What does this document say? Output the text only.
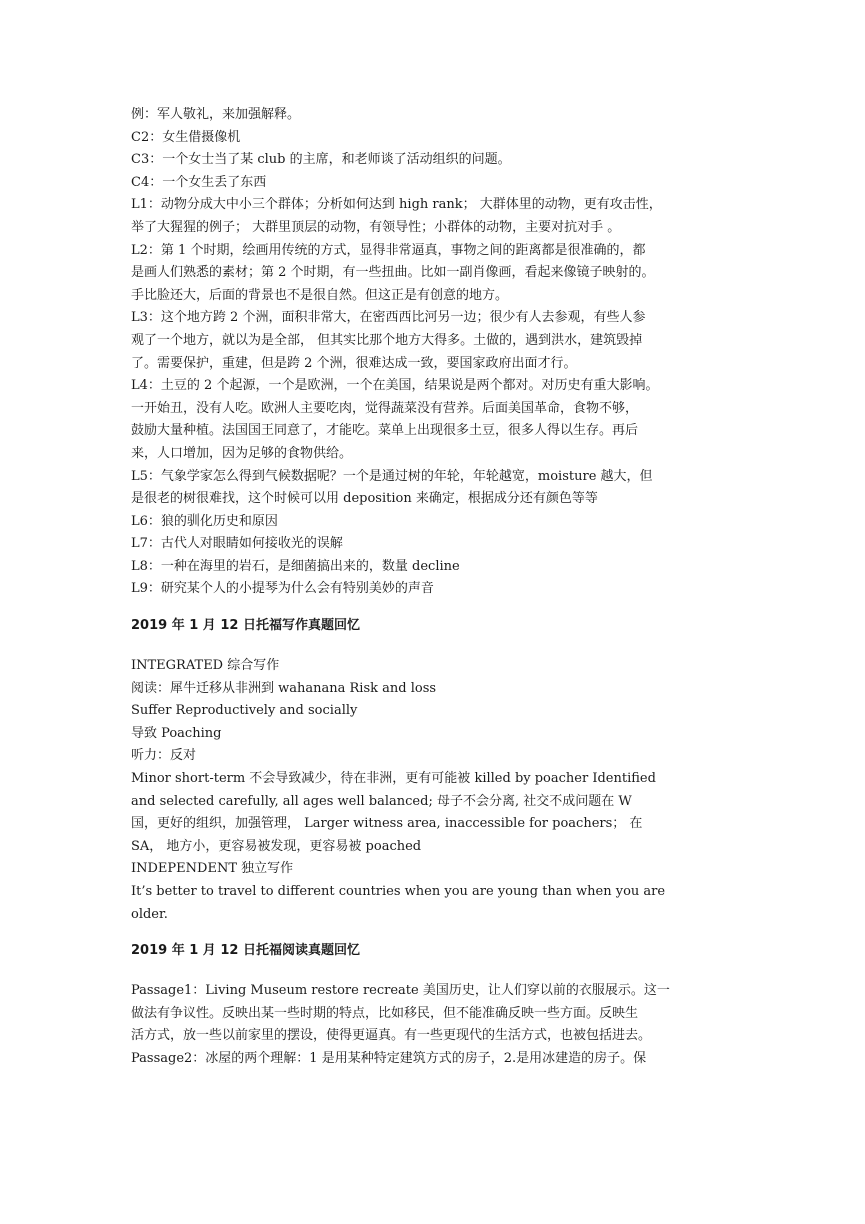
例：军人敬礼，来加强解释。
C2：女生借摄像机
C3：一个女士当了某 club 的主席，和老师谈了活动组织的问题。
C4：一个女生丢了东西
L1：动物分成大中小三个群体；分析如何达到 high rank； 大群体里的动物，更有攻击性，
举了大猩猩的例子； 大群里顶层的动物，有领导性；小群体的动物，主要对抗对手 。
L2：第 1 个时期，绘画用传统的方式，显得非常逼真，事物之间的距离都是很准确的，都
是画人们熟悉的素材；第 2 个时期，有一些扭曲。比如一副肖像画，看起来像镜子映射的。
手比脸还大，后面的背景也不是很自然。但这正是有创意的地方。
L3：这个地方跨 2 个洲，面积非常大，在密西西比河另一边；很少有人去参观，有些人参
观了一个地方，就以为是全部， 但其实比那个地方大得多。土做的，遇到洪水，建筑毁掉
了。需要保护，重建，但是跨 2 个洲，很难达成一致，要国家政府出面才行。
L4：土豆的 2 个起源，一个是欧洲，一个在美国，结果说是两个都对。对历史有重大影响。
一开始丑，没有人吃。欧洲人主要吃肉，觉得蔬菜没有营养。后面美国革命，食物不够，
鼓励大量种植。法国国王同意了，才能吃。菜单上出现很多土豆，很多人得以生存。再后
来，人口增加，因为足够的食物供给。
L5：气象学家怎么得到气候数据呢？一个是通过树的年轮，年轮越宽，moisture 越大，但
是很老的树很难找，这个时候可以用 deposition 来确定，根据成分还有颜色等等
L6：狼的驯化历史和原因
L7：古代人对眼睛如何接收光的误解
L8：一种在海里的岩石，是细菌搞出来的，数量 decline
L9：研究某个人的小提琴为什么会有特别美妙的声音
2019 年 1 月 12 日托福写作真题回忆
INTEGRATED 综合写作
阅读：犀牛迁移从非洲到 wahanana Risk and loss
Suffer Reproductively and socially
导致 Poaching
听力：反对
Minor short-term 不会导致减少，待在非洲，更有可能被 killed by poacher Identified
and selected carefully, all ages well balanced; 母子不会分离, 社交不成问题在 W
国，更好的组织，加强管理， Larger witness area, inaccessible for poachers； 在
SA， 地方小，更容易被发现，更容易被 poached
INDEPENDENT 独立写作
It’s better to travel to different countries when you are young than when you are
older.
2019 年 1 月 12 日托福阅读真题回忆
Passage1：Living Museum restore recreate 美国历史，让人们穿以前的衣服展示。这一
做法有争议性。反映出某一些时期的特点，比如移民，但不能准确反映一些方面。反映生
活方式，放一些以前家里的摆设，使得更逼真。有一些更现代的生活方式，也被包括进去。
Passage2：冰屋的两个理解：1 是用某种特定建筑方式的房子，2.是用冰建造的房子。保
